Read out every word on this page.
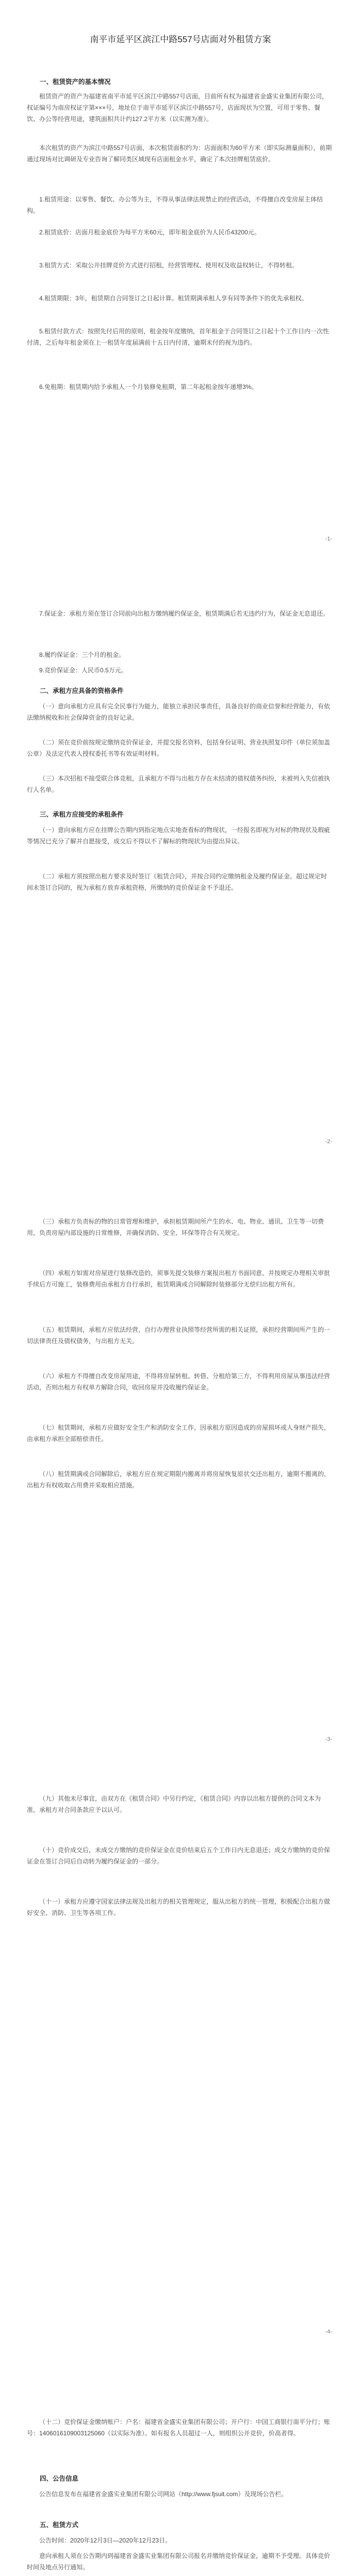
南平市延平区滨江中路557号店面对外租赁方案
一、租赁资产的基本情况

租赁资产的资产为福建省南平市延平区滨江中路557号店面，目前所有权为福建省金盛实业集团有限公司，权证编号为南房权证字第×××号，地址位于南平市延平区滨江中路557号，店面现状为空置，可用于零售、餐饮、办公等经营用途，建筑面积共计约127.2平方米（以实测为准）。

本次租赁的资产为滨江中路557号店面，本次租赁面积约为：店面面积为60平方米（即实际测量面积），前期通过现场对比调研及专业咨询了解同类区域现有店面租金水平，确定了本次挂牌租赁底价。

1.租赁用途：以零售、餐饮、办公等为主，不得从事法律法规禁止的经营活动，不得擅自改变房屋主体结构。

2.租赁底价：店面月租金底价为每平方米60元，即年租金底价为人民币43200元。

3.租赁方式：采取公开挂牌竞价方式进行招租，经营管理权、使用权及收益权转让，不得转租。

4.租赁期限：3年，租赁期自合同签订之日起计算。租赁期满承租人享有同等条件下的优先承租权。

5.租赁付款方式：按照先付后用的原则，租金按年度缴纳，首年租金于合同签订之日起十个工作日内一次性付清，之后每年租金须在上一租赁年度届满前十五日内付清，逾期未付的视为违约。

6.免租期：租赁期内给予承租人一个月装修免租期，第二年起租金按年递增3%。

-1-

7.保证金：承租方须在签订合同前向出租方缴纳履约保证金，租赁期满后若无违约行为，保证金无息退还。

8.履约保证金：三个月的租金。

9.竞价保证金：人民币0.5万元。

二、承租方应具备的资格条件

（一）意向承租方应具有完全民事行为能力，能独立承担民事责任，具备良好的商业信誉和经营能力，有依法缴纳税收和社会保障资金的良好记录。

（二）须在竞价前按规定缴纳竞价保证金，并提交报名资料，包括身份证明、营业执照复印件（单位须加盖公章）及法定代表人授权委托书等有效证明材料。

（三）本次招租不接受联合体竞租，且承租方不得与出租方存在未结清的债权债务纠纷，未被列入失信被执行人名单。

三、承租方应接受的承租条件

（一）意向承租方应在挂牌公告期内到指定地点实地查看标的物现状，一经报名即视为对标的物现状及瑕疵等情况已充分了解并自愿接受，成交后不得以不了解标的物现状为由提出异议。

（二）承租方须按照出租方要求及时签订《租赁合同》，并按合同约定缴纳租金及履约保证金。超过规定时间未签订合同的，视为承租方放弃承租资格，所缴纳的竞价保证金不予退还。

-2-

（三）承租方负责标的物的日常管理和维护，承担租赁期间所产生的水、电、物业、通讯、卫生等一切费用，负责房屋内部设施的日常维修，并确保消防、安全、环保等符合有关规定。

（四）承租方如需对房屋进行装修改造的，须事先提交装修方案报出租方书面同意，并按规定办理相关审批手续后方可施工，装修费用由承租方自行承担，租赁期满或合同解除时装修部分无偿归出租方所有。

（五）租赁期间，承租方应依法经营，自行办理营业执照等经营所需的相关证照，承担经营期间所产生的一切法律责任及债权债务，与出租方无关。

（六）承租方不得擅自改变房屋用途，不得将房屋转租、转借、分租给第三方，不得利用房屋从事违法经营活动，否则出租方有权单方解除合同，收回房屋并没收履约保证金。

（七）租赁期间，承租方应做好安全生产和消防安全工作，因承租方原因造成的房屋损坏或人身财产损失，由承租方承担全部赔偿责任。

（八）租赁期满或合同解除后，承租方应在规定期限内搬离并将房屋恢复原状交还出租方，逾期不搬离的，出租方有权收取占用费并采取相应措施。

-3-

（九）其他未尽事宜，由双方在《租赁合同》中另行约定，《租赁合同》内容以出租方提供的合同文本为准，承租方对合同条款应予以认可。

（十）竞价成交后，未成交方缴纳的竞价保证金在竞价结束后五个工作日内无息退还；成交方缴纳的竞价保证金在签订合同后自动转为履约保证金的一部分。

（十一）承租方应遵守国家法律法规及出租方的相关管理规定，服从出租方的统一管理，积极配合出租方做好安全、消防、卫生等各项工作。

-4-

（十二）竞价保证金缴纳账户：户名：福建省金盛实业集团有限公司；开户行：中国工商银行南平分行；账号：1406016109003125060（以实际为准）。如有报名人员超过一人，则组织公开竞价，价高者得。

四、公告信息

公告信息发布在福建省金盛实业集团有限公司网站（http://www.fjsuit.com）及现场公告栏。

五、租赁方式

公告时间：2020年12月3日—2020年12月23日。

意向承租人须在公告期内到福建省金盛实业集团有限公司报名并缴纳竞价保证金，逾期不予受理。具体竞价时间及地点另行通知。
